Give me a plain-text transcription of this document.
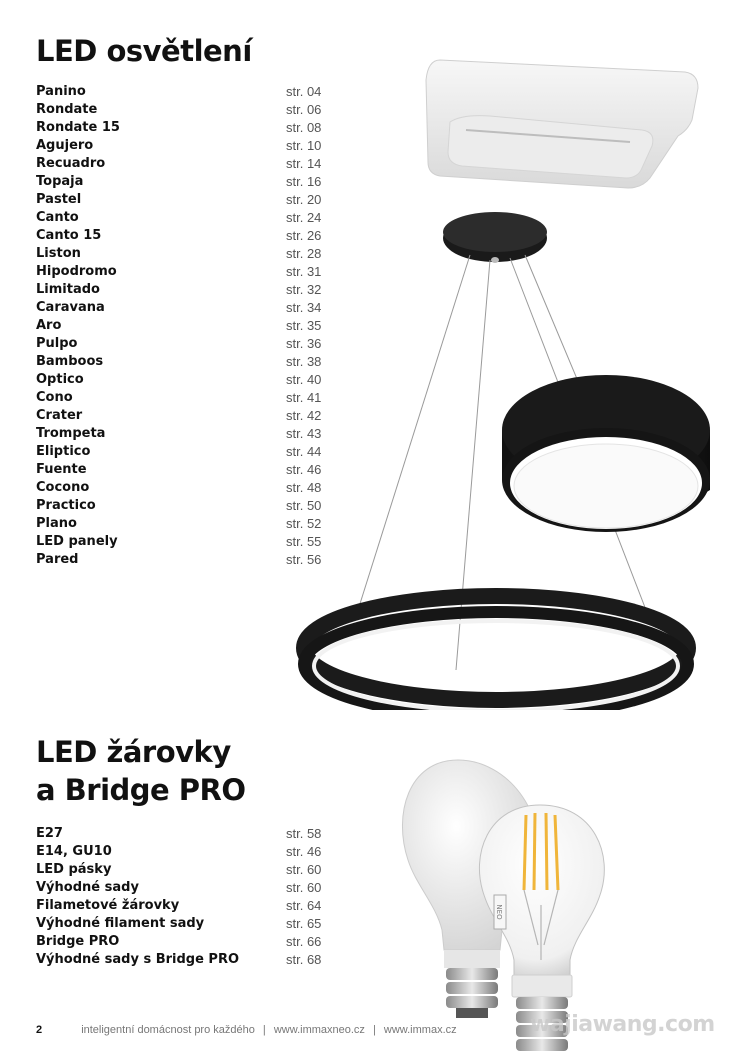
LED osvětlení
Panino	str. 04
Rondate	str. 06
Rondate 15	str. 08
Agujero	str. 10
Recuadro	str. 14
Topaja	str. 16
Pastel	str. 20
Canto	str. 24
Canto 15	str. 26
Liston	str. 28
Hipodromo	str. 31
Limitado	str. 32
Caravana	str. 34
Aro	str. 35
Pulpo	str. 36
Bamboos	str. 38
Optico	str. 40
Cono	str. 41
Crater	str. 42
Trompeta	str. 43
Eliptico	str. 44
Fuente	str. 46
Cocono	str. 48
Practico	str. 50
Plano	str. 52
LED panely	str. 55
Pared	str. 56
LED žárovky
a Bridge PRO
E27	str. 58
E14, GU10	str. 46
LED pásky	str. 60
Výhodné sady	str. 60
Filametové žárovky	str. 64
Výhodné filament sady	str. 65
Bridge PRO	str. 66
Výhodné sady s Bridge PRO	str. 68
NEO
2	inteligentní domácnost pro každého | www.immaxneo.cz | www.immax.cz	wajiawang.com
